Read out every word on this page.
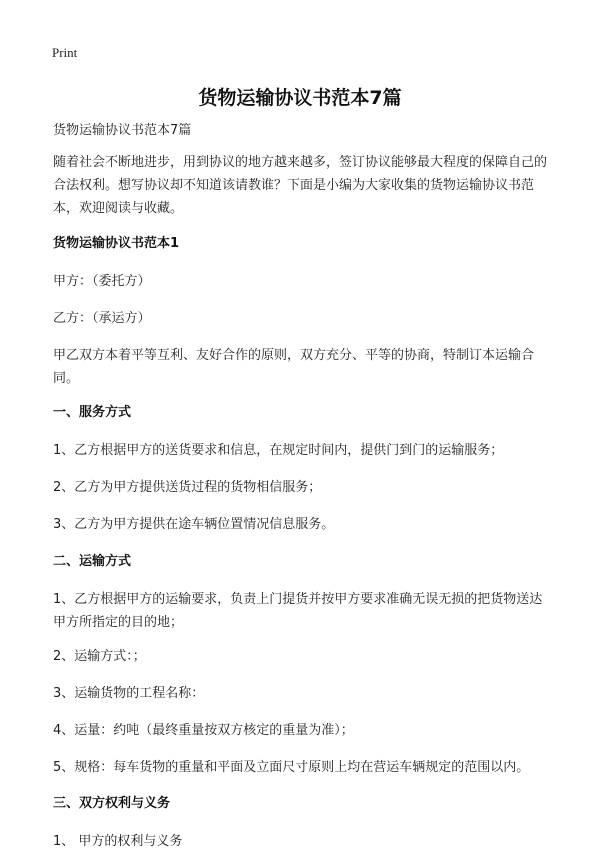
Print
货物运输协议书范本7篇

货物运输协议书范本7篇

随着社会不断地进步，用到协议的地方越来越多，签订协议能够最大程度的保障自己的合法权利。想写协议却不知道该请教谁？下面是小编为大家收集的货物运输协议书范本，欢迎阅读与收藏。

货物运输协议书范本1

甲方：（委托方）

乙方：（承运方）

甲乙双方本着平等互利、友好合作的原则，双方充分、平等的协商，特制订本运输合同。

一、服务方式

1、乙方根据甲方的送货要求和信息，在规定时间内，提供门到门的运输服务；

2、乙方为甲方提供送货过程的货物相信服务；

3、乙方为甲方提供在途车辆位置情况信息服务。

二、运输方式

1、乙方根据甲方的运输要求，负责上门提货并按甲方要求准确无误无损的把货物送达甲方所指定的目的地；

2、运输方式：；

3、运输货物的工程名称：

4、运量：约吨（最终重量按双方核定的重量为准）；

5、规格：每车货物的重量和平面及立面尺寸原则上均在营运车辆规定的范围以内。

三、双方权利与义务

1、 甲方的权利与义务
